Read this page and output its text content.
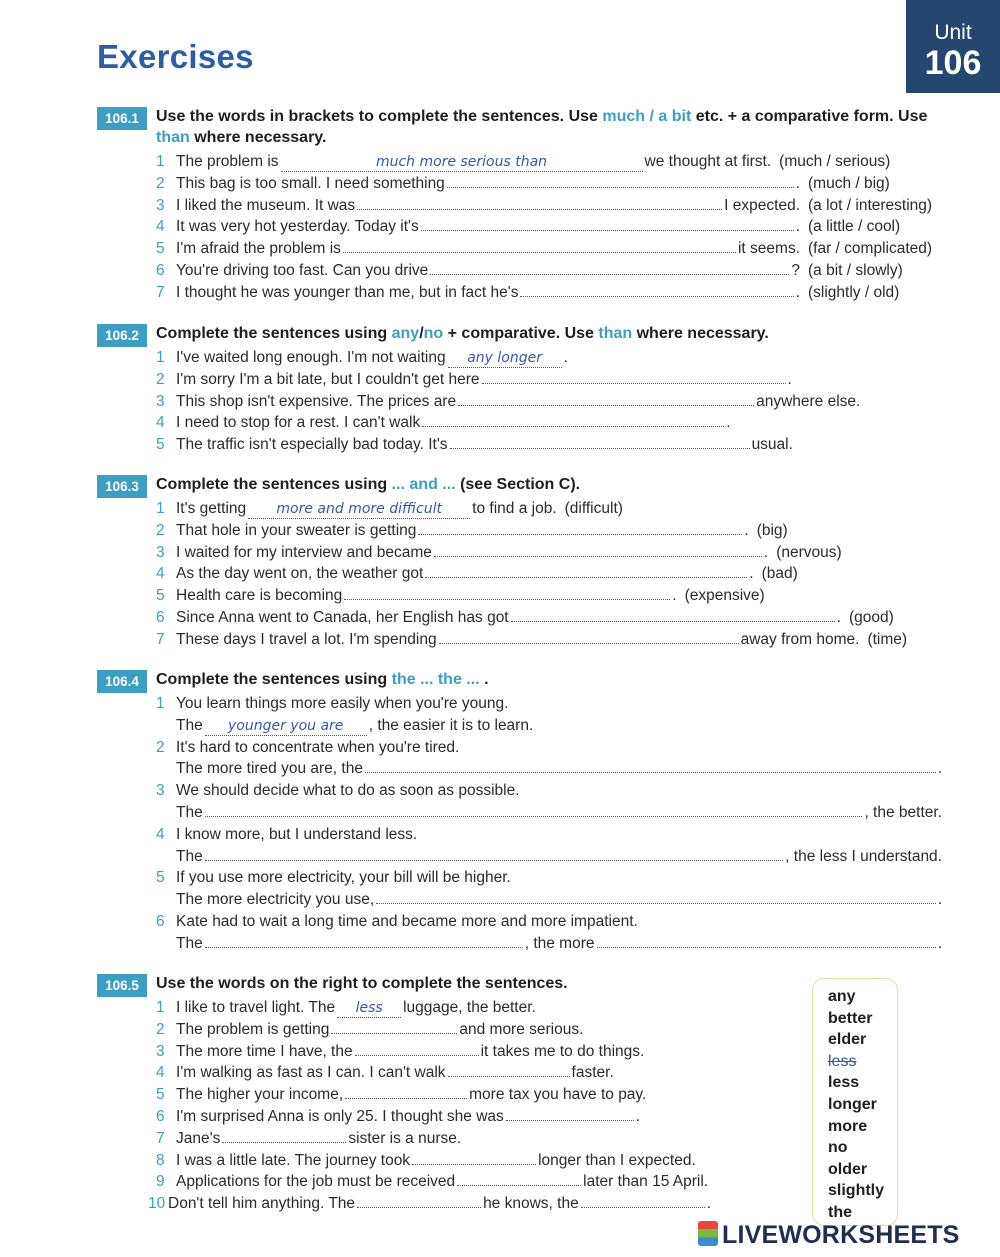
Exercises
Unit
106
106.1	Use the words in brackets to complete the sentences. Use much / a bit etc. + a comparative form. Use than where necessary.
1 The problem is	much more serious than	we thought at first. (much / serious)
2 This bag is too small. I need something	. (much / big)
3 I liked the museum. It was	I expected. (a lot / interesting)
4 It was very hot yesterday. Today it's	. (a little / cool)
5 I'm afraid the problem is	it seems. (far / complicated)
6 You're driving too fast. Can you drive	? (a bit / slowly)
7 I thought he was younger than me, but in fact he's	. (slightly / old)
106.2	Complete the sentences using any/no + comparative. Use than where necessary.
1 I've waited long enough. I'm not waiting	any longer	.
2 I'm sorry I'm a bit late, but I couldn't get here	.
3 This shop isn't expensive. The prices are	anywhere else.
4 I need to stop for a rest. I can't walk	.
5 The traffic isn't especially bad today. It's	usual.
106.3	Complete the sentences using ... and ... (see Section C).
1 It's getting	more and more difficult	to find a job. (difficult)
2 That hole in your sweater is getting	. (big)
3 I waited for my interview and became	. (nervous)
4 As the day went on, the weather got	. (bad)
5 Health care is becoming	. (expensive)
6 Since Anna went to Canada, her English has got	. (good)
7 These days I travel a lot. I'm spending	away from home. (time)
106.4	Complete the sentences using the ... the ... .
1 You learn things more easily when you're young.
The	younger you are	, the easier it is to learn.
2 It's hard to concentrate when you're tired.
The more tired you are, the	.
3 We should decide what to do as soon as possible.
The	, the better.
4 I know more, but I understand less.
The	, the less I understand.
5 If you use more electricity, your bill will be higher.
The more electricity you use,	.
6 Kate had to wait a long time and became more and more impatient.
The	, the more	.
106.5	Use the words on the right to complete the sentences.
1 I like to travel light. The	less	luggage, the better.
2 The problem is getting	and more serious.
3 The more time I have, the	it takes me to do things.
4 I'm walking as fast as I can. I can't walk	faster.
5 The higher your income,	more tax you have to pay.
6 I'm surprised Anna is only 25. I thought she was	.
7 Jane's	sister is a nurse.
8 I was a little late. The journey took	longer than I expected.
9 Applications for the job must be received	later than 15 April.
10 Don't tell him anything. The	he knows, the	.
any
better
elder
less
less
longer
more
no
older
slightly
the
LIVEWORKSHEETS
